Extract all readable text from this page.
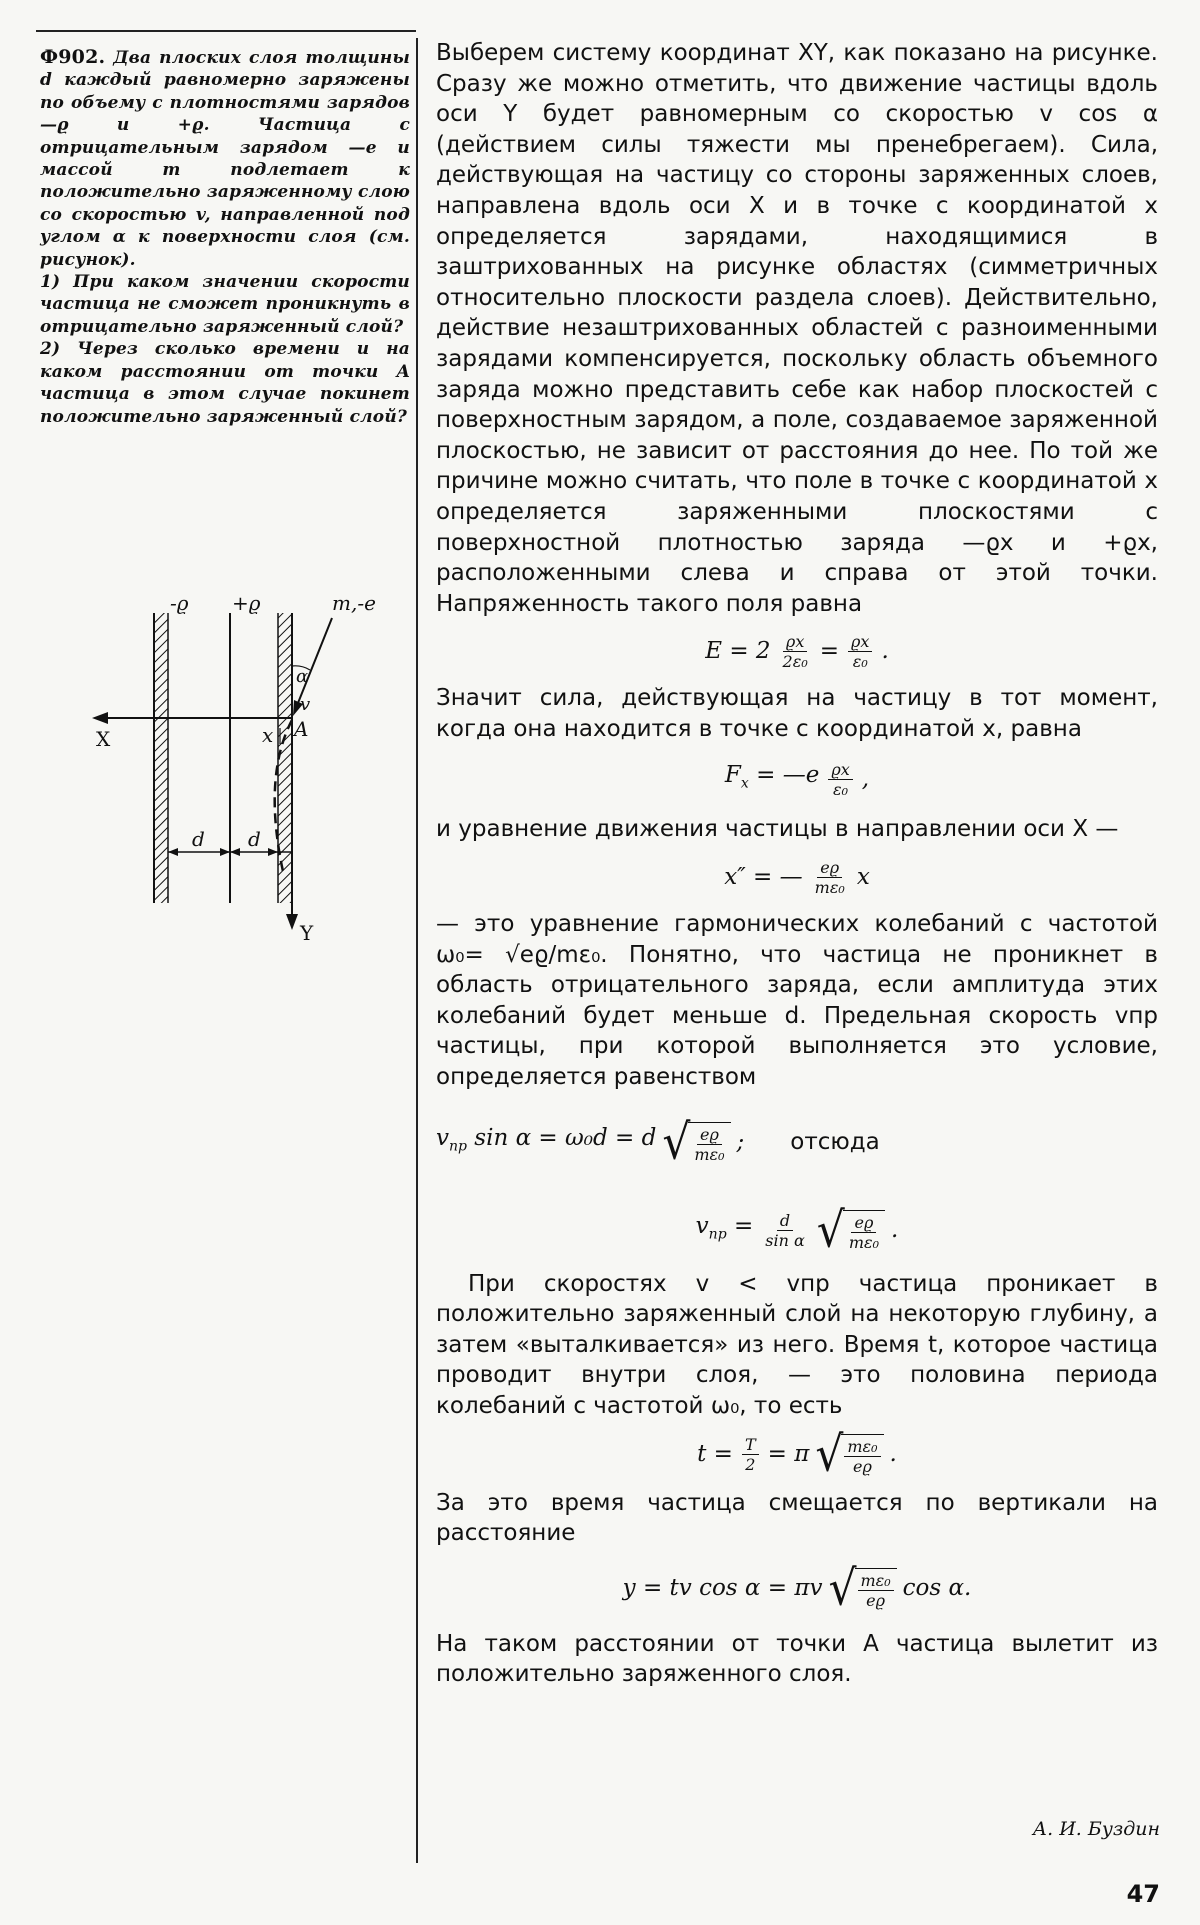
Ф902. Два плоских слоя толщины d каждый равномерно заряжены по объему с плотностями зарядов —ϱ и +ϱ. Частица с отрицательным зарядом —e и массой m подлетает к положительно заряженному слою со скоростью v, направленной под углом α к поверхности слоя (см. рисунок).

1) При каком значении скорости частица не сможет проникнуть в отрицательно заряженный слой?

2) Через сколько времени и на каком расстоянии от точки A частица в этом случае покинет положительно заряженный слой?

-ϱ +ϱ	m,-e
α
v
A
x
X
Y
d d

Выберем систему координат XY, как показано на рисунке. Сразу же можно отметить, что движение частицы вдоль оси Y будет равномерным со скоростью v cos α (действием силы тяжести мы пренебрегаем). Сила, действующая на частицу со стороны заряженных слоев, направлена вдоль оси X и в точке с координатой x определяется зарядами, находящимися в заштрихованных на рисунке областях (симметричных относительно плоскости раздела слоев). Действительно, действие незаштрихованных областей с разноименными зарядами компенсируется, поскольку область объемного заряда можно представить себе как набор плоскостей с поверхностным зарядом, а поле, создаваемое заряженной плоскостью, не зависит от расстояния до нее. По той же причине можно считать, что поле в точке с координатой x определяется заряженными плоскостями с поверхностной плотностью заряда —ϱx и +ϱx, расположенными слева и справа от этой точки. Напряженность такого поля равна

$E = 2 \frac{ϱx}{\text{2ε₀}} = \frac{ϱx}{\text{ε₀}}$ .

Значит сила, действующая на частицу в тот момент, когда она находится в точке с координатой x, равна

$F_x$ = —e $\frac{ϱx}{\text{ε₀}}$ ,

и уравнение движения частицы в направлении оси X —

x″ = — $\frac{eϱ}{\text{mε₀}}$ x

— это уравнение гармонических колебаний с частотой ω₀= √eϱ/mε₀. Понятно, что частица не проникнет в область отрицательного заряда, если амплитуда этих колебаний будет меньше d. Предельная скорость vпр частицы, при которой выполняется это условие, определяется равенством

$v_{пр}$ sin α = ω₀d = d √ $\frac{eϱ}{\text{mε₀}}$ ; отсюда
$v_{пр} = \frac{d}{\text{sin α}}$ √ $\frac{eϱ}{\text{mε₀}}$ .

При скоростях v < vпр частица проникает в положительно заряженный слой на некоторую глубину, а затем «выталкивается» из него. Время t, которое частица проводит внутри слоя, — это половина периода колебаний с частотой ω₀, то есть

$t = \frac{T}{2} = \pi$ √ $\frac{\text{mε₀}}{eϱ}$ .

За это время частица смещается по вертикали на расстояние

y = tv cos α = πv √ $\frac{\text{mε₀}}{eϱ}$ cos α.

На таком расстоянии от точки A частица вылетит из положительно заряженного слоя.

А. И. Буздин
47
